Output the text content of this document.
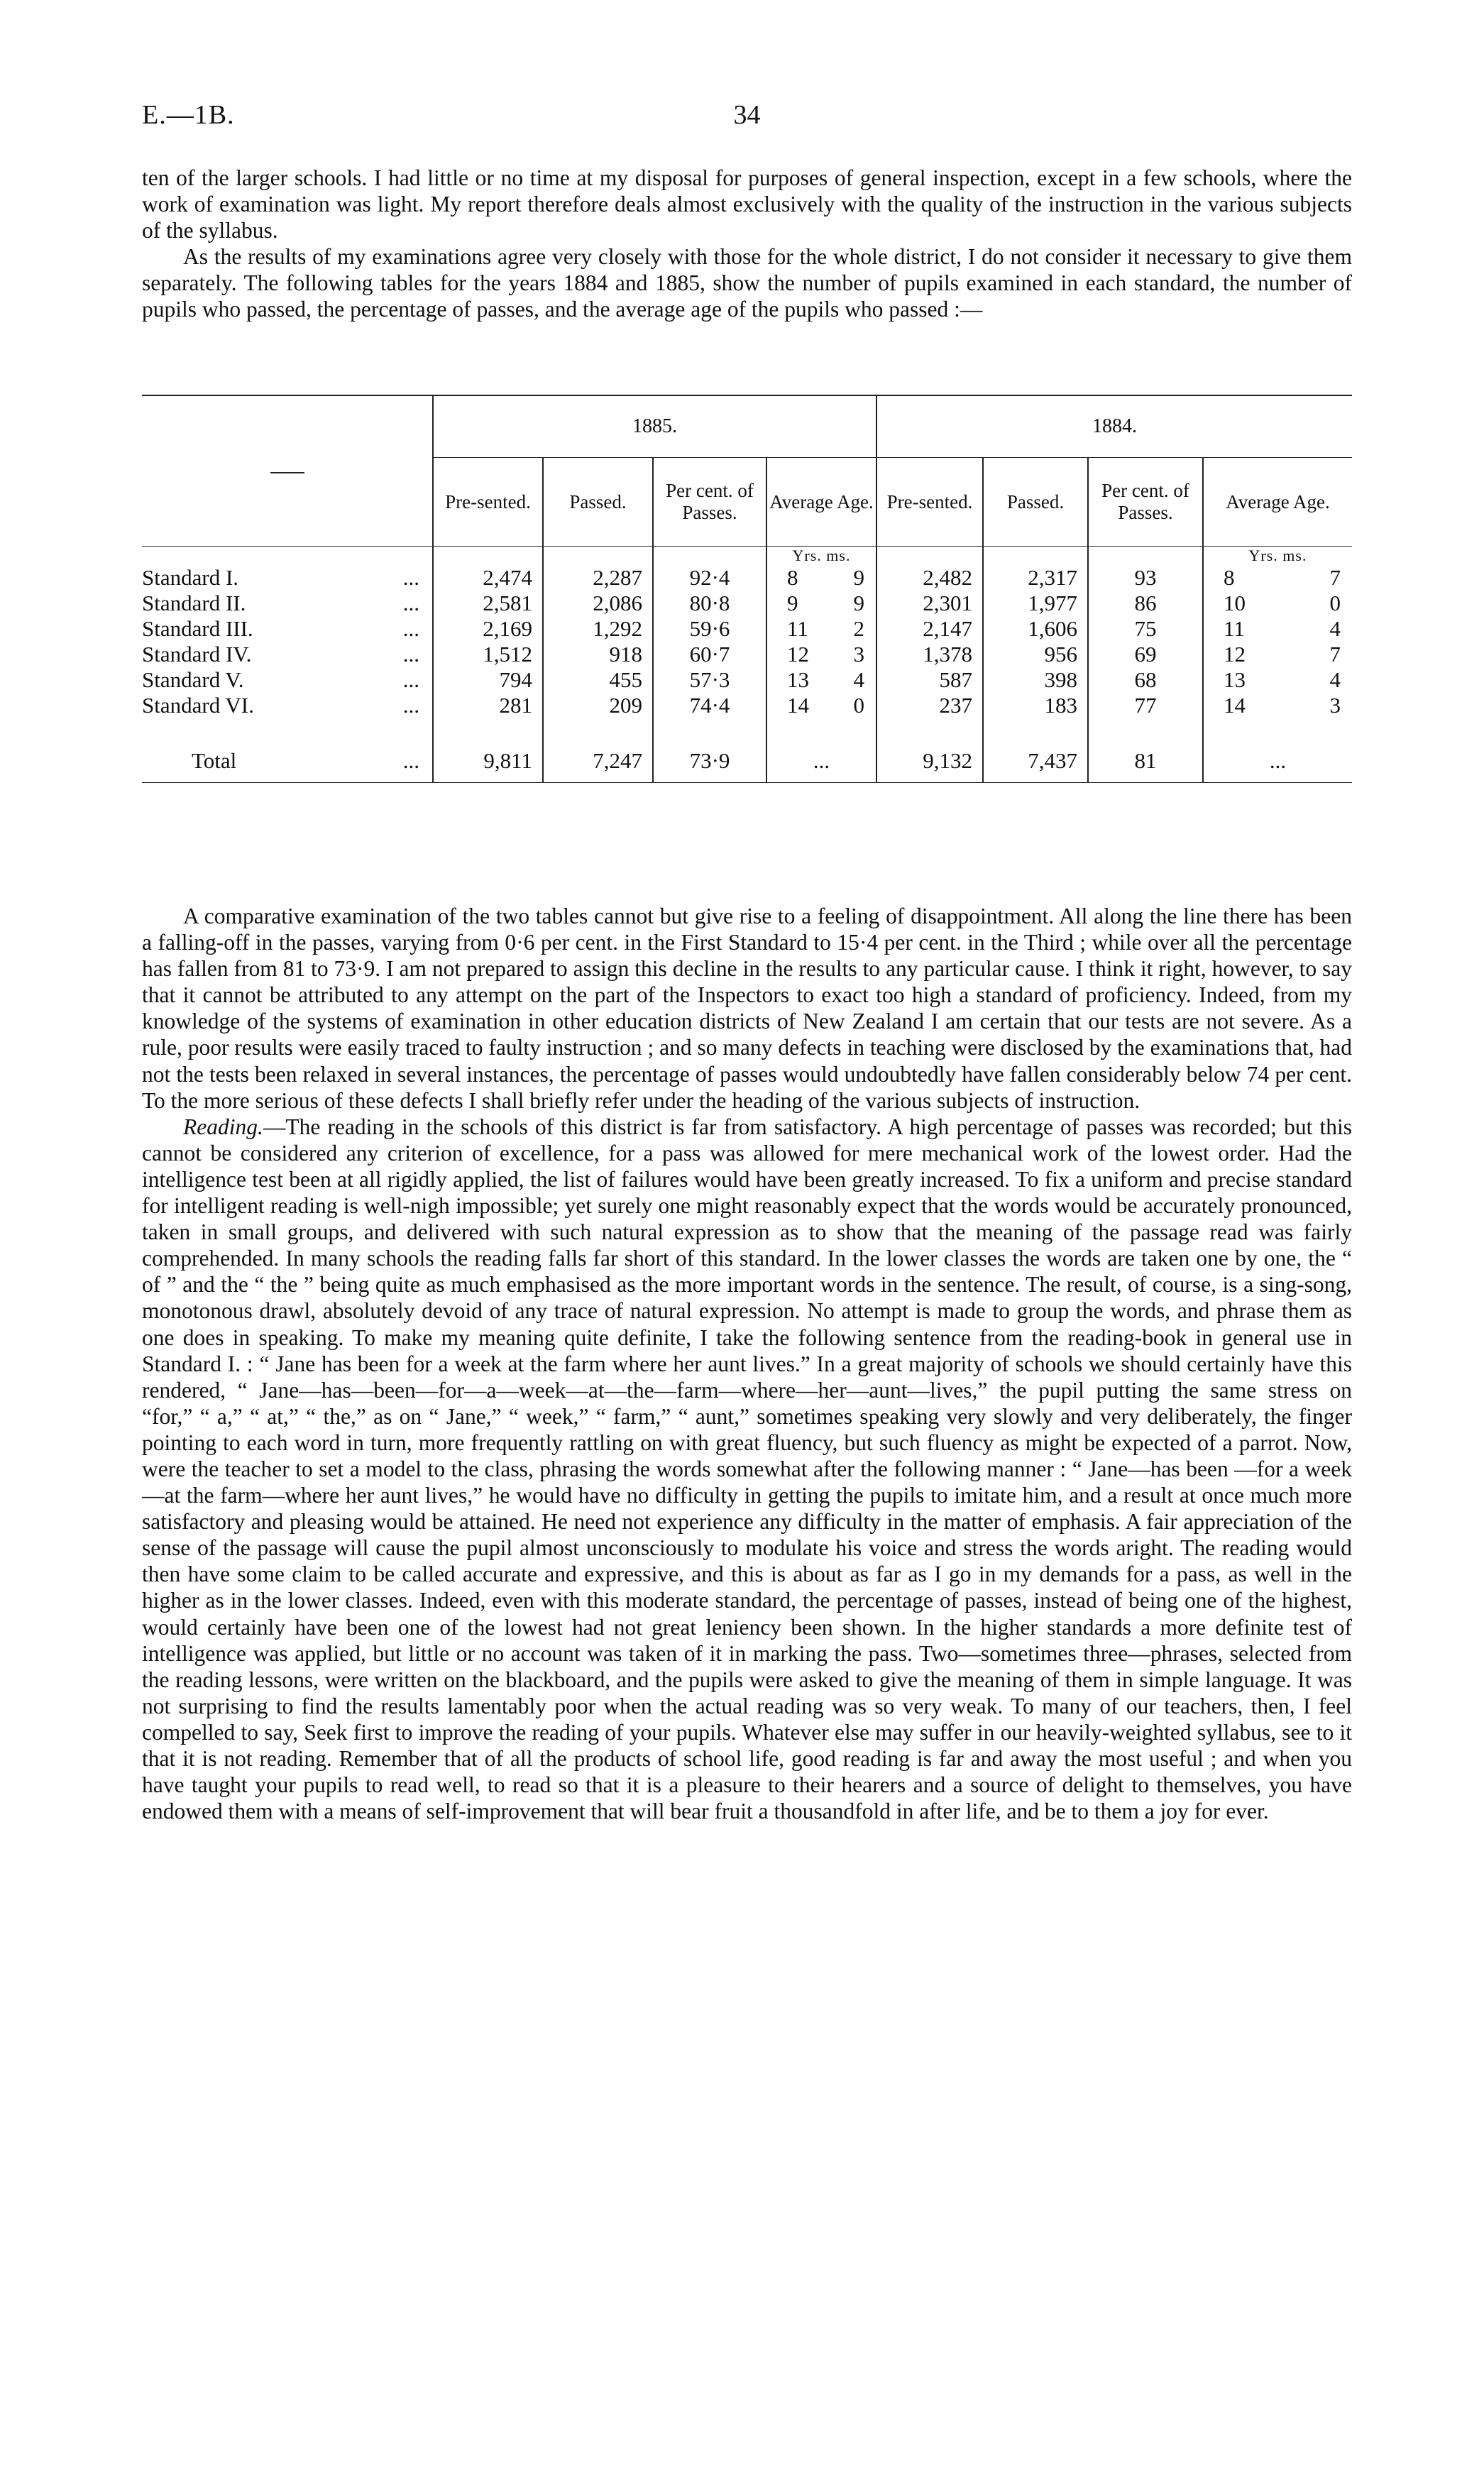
E.—1B.	34

ten of the larger schools. I had little or no time at my disposal for purposes of general inspection, except in a few schools, where the work of examination was light. My report therefore deals almost exclusively with the quality of the instruction in the various subjects of the syllabus.

As the results of my examinations agree very closely with those for the whole district, I do not consider it necessary to give them separately. The following tables for the years 1884 and 1885, show the number of pupils examined in each standard, the number of pupils who passed, the percentage of passes, and the average age of the pupils who passed :—

	1885.				1884.			
	Pre-sented.	Passed.	Per cent. of Passes.	Average Age.	Pre-sented.	Passed.	Per cent. of Passes.	Average Age.
				Yrs. ms.				Yrs. ms.
Standard I. ...	2,474	2,287	92·4	8 9	2,482	2,317	93	8 7

Standard II. ...	2,581	2,086	80·8	9 9	2,301	1,977	86	10 0

Standard III. ...	2,169	1,292	59·6	11 2	2,147	1,606	75	11 4

Standard IV. ...	1,512	918	60·7	12 3	1,378	956	69	12 7

Standard V. ...	794	455	57·3	13 4	587	398	68	13 4

Standard VI. ...	281	209	74·4	14 0	237	183	77	14 3

Total ...	9,811	7,247	73·9	...	9,132	7,437	81	...

A comparative examination of the two tables cannot but give rise to a feeling of disappointment. All along the line there has been a falling-off in the passes, varying from 0·6 per cent. in the First Standard to 15·4 per cent. in the Third ; while over all the percentage has fallen from 81 to 73·9. I am not prepared to assign this decline in the results to any particular cause. I think it right, however, to say that it cannot be attributed to any attempt on the part of the Inspectors to exact too high a standard of proficiency. Indeed, from my knowledge of the systems of examination in other education districts of New Zealand I am certain that our tests are not severe. As a rule, poor results were easily traced to faulty instruction ; and so many defects in teaching were disclosed by the examinations that, had not the tests been relaxed in several instances, the percentage of passes would undoubtedly have fallen considerably below 74 per cent. To the more serious of these defects I shall briefly refer under the heading of the various subjects of instruction.

Reading.—The reading in the schools of this district is far from satisfactory. A high percentage of passes was recorded; but this cannot be considered any criterion of excellence, for a pass was allowed for mere mechanical work of the lowest order. Had the intelligence test been at all rigidly applied, the list of failures would have been greatly increased. To fix a uniform and precise standard for intelligent reading is well-nigh impossible; yet surely one might reasonably expect that the words would be accurately pronounced, taken in small groups, and delivered with such natural expression as to show that the meaning of the passage read was fairly comprehended. In many schools the reading falls far short of this standard. In the lower classes the words are taken one by one, the “ of ” and the “ the ” being quite as much emphasised as the more important words in the sentence. The result, of course, is a sing-song, monotonous drawl, absolutely devoid of any trace of natural expression. No attempt is made to group the words, and phrase them as one does in speaking. To make my meaning quite definite, I take the following sentence from the reading-book in general use in Standard I. : “ Jane has been for a week at the farm where her aunt lives.” In a great majority of schools we should certainly have this rendered, “ Jane—has—been—for—a—week—at—the—farm—where—her—aunt—lives,” the pupil putting the same stress on “for,” “ a,” “ at,” “ the,” as on “ Jane,” “ week,” “ farm,” “ aunt,” sometimes speaking very slowly and very deliberately, the finger pointing to each word in turn, more frequently rattling on with great fluency, but such fluency as might be expected of a parrot. Now, were the teacher to set a model to the class, phrasing the words somewhat after the following manner : “ Jane—has been —for a week—at the farm—where her aunt lives,” he would have no difficulty in getting the pupils to imitate him, and a result at once much more satisfactory and pleasing would be attained. He need not experience any difficulty in the matter of emphasis. A fair appreciation of the sense of the passage will cause the pupil almost unconsciously to modulate his voice and stress the words aright. The reading would then have some claim to be called accurate and expressive, and this is about as far as I go in my demands for a pass, as well in the higher as in the lower classes. Indeed, even with this moderate standard, the percentage of passes, instead of being one of the highest, would certainly have been one of the lowest had not great leniency been shown. In the higher standards a more definite test of intelligence was applied, but little or no account was taken of it in marking the pass. Two—sometimes three—phrases, selected from the reading lessons, were written on the blackboard, and the pupils were asked to give the meaning of them in simple language. It was not surprising to find the results lamentably poor when the actual reading was so very weak. To many of our teachers, then, I feel compelled to say, Seek first to improve the reading of your pupils. Whatever else may suffer in our heavily-weighted syllabus, see to it that it is not reading. Remember that of all the products of school life, good reading is far and away the most useful ; and when you have taught your pupils to read well, to read so that it is a pleasure to their hearers and a source of delight to themselves, you have endowed them with a means of self-improvement that will bear fruit a thousandfold in after life, and be to them a joy for ever.
